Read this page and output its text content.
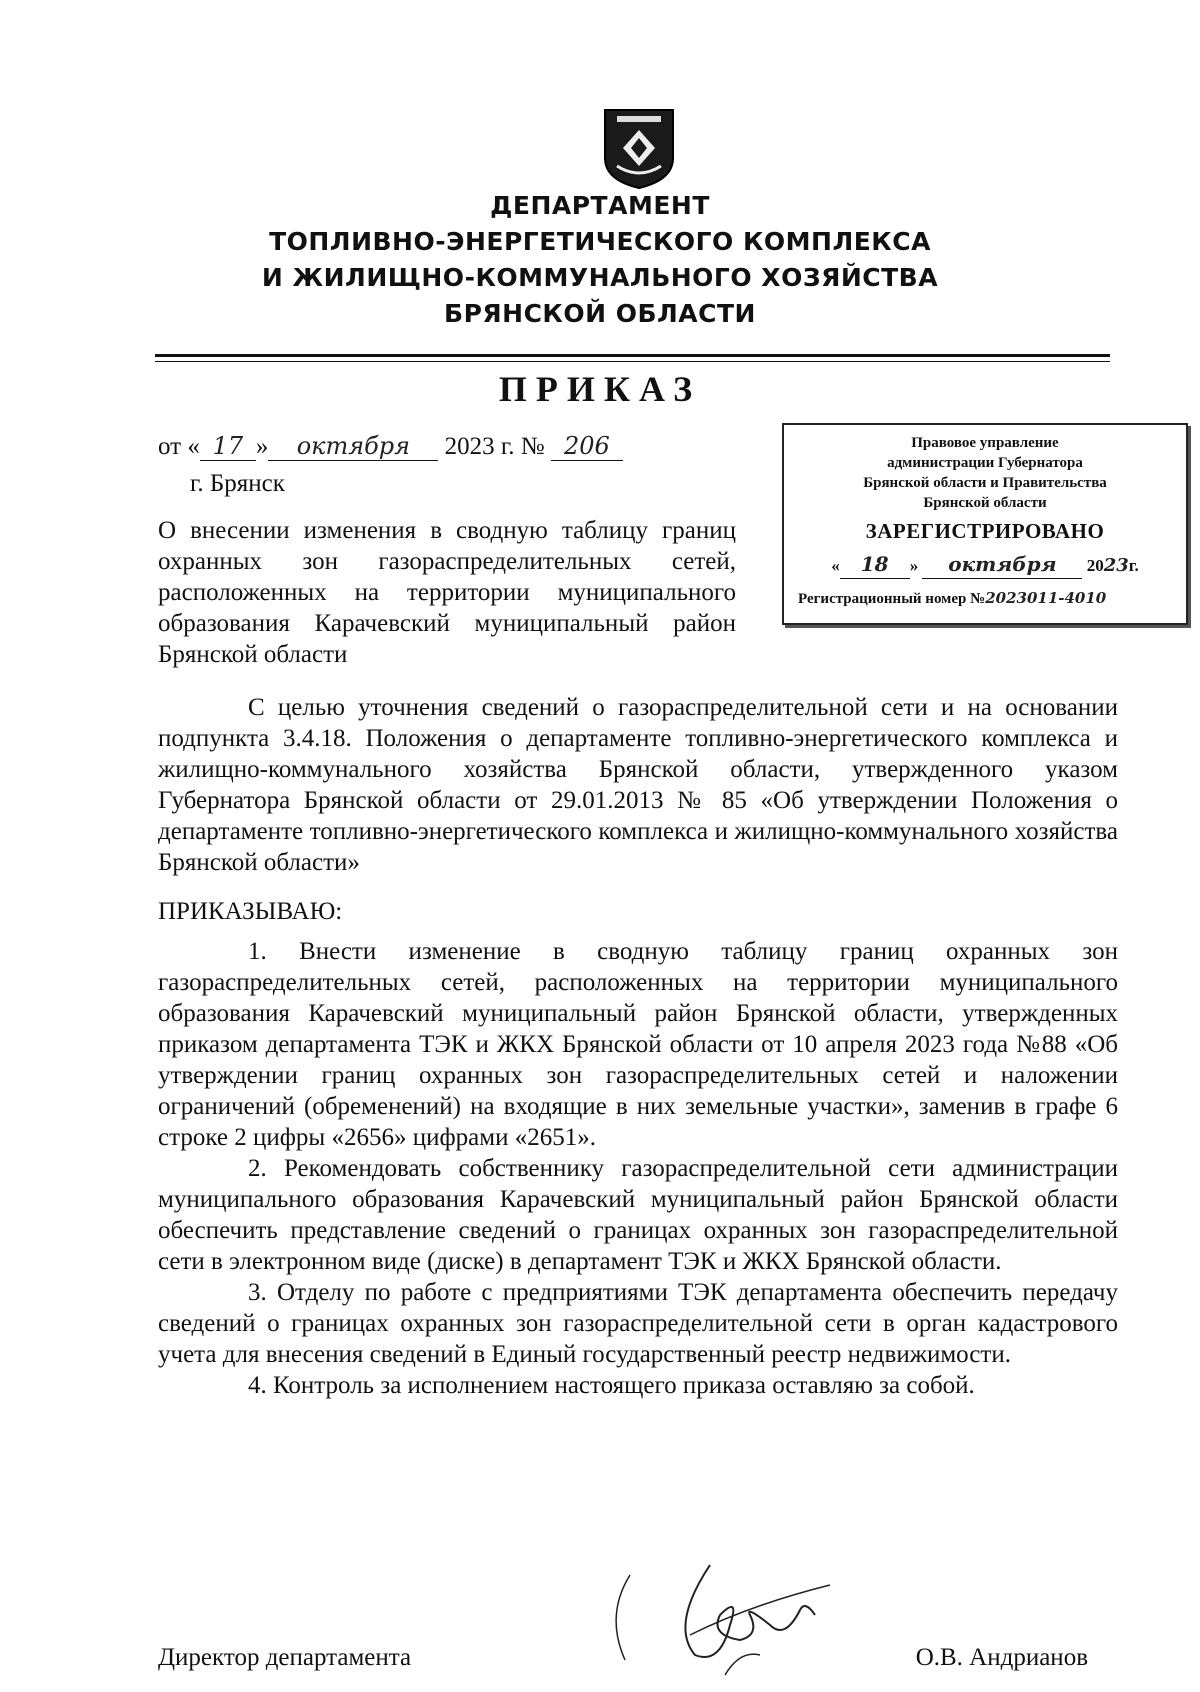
ДЕПАРТАМЕНТ
ТОПЛИВНО-ЭНЕРГЕТИЧЕСКОГО КОМПЛЕКСА
И ЖИЛИЩНО-КОММУНАЛЬНОГО ХОЗЯЙСТВА
БРЯНСКОЙ ОБЛАСТИ
ПРИКАЗ
от « 17 » октября 2023 г. № 206
г. Брянск
О внесении изменения в сводную таблицу границ охранных зон газораспределительных сетей, расположенных на территории муниципального образования Карачевский муниципальный район Брянской области
Правовое управление
администрации Губернатора
Брянской области и Правительства
Брянской области
ЗАРЕГИСТРИРОВАНО
« 18 » октября 2023г.
Регистрационный номер №2023011-4010

С целью уточнения сведений о газораспределительной сети и на основании подпункта 3.4.18. Положения о департаменте топливно-энергетического комплекса и жилищно-коммунального хозяйства Брянской области, утвержденного указом Губернатора Брянской области от 29.01.2013 № 85 «Об утверждении Положения о департаменте топливно-энергетического комплекса и жилищно-коммунального хозяйства Брянской области»

ПРИКАЗЫВАЮ:

1. Внести изменение в сводную таблицу границ охранных зон газораспределительных сетей, расположенных на территории муниципального образования Карачевский муниципальный район Брянской области, утвержденных приказом департамента ТЭК и ЖКХ Брянской области от 10 апреля 2023 года №88 «Об утверждении границ охранных зон газораспределительных сетей и наложении ограничений (обременений) на входящие в них земельные участки», заменив в графе 6 строке 2 цифры «2656» цифрами «2651».

2. Рекомендовать собственнику газораспределительной сети администрации муниципального образования Карачевский муниципальный район Брянской области обеспечить представление сведений о границах охранных зон газораспределительной сети в электронном виде (диске) в департамент ТЭК и ЖКХ Брянской области.

3. Отделу по работе с предприятиями ТЭК департамента обеспечить передачу сведений о границах охранных зон газораспределительной сети в орган кадастрового учета для внесения сведений в Единый государственный реестр недвижимости.

4. Контроль за исполнением настоящего приказа оставляю за собой.

Директор департамента	О.В. Андрианов
